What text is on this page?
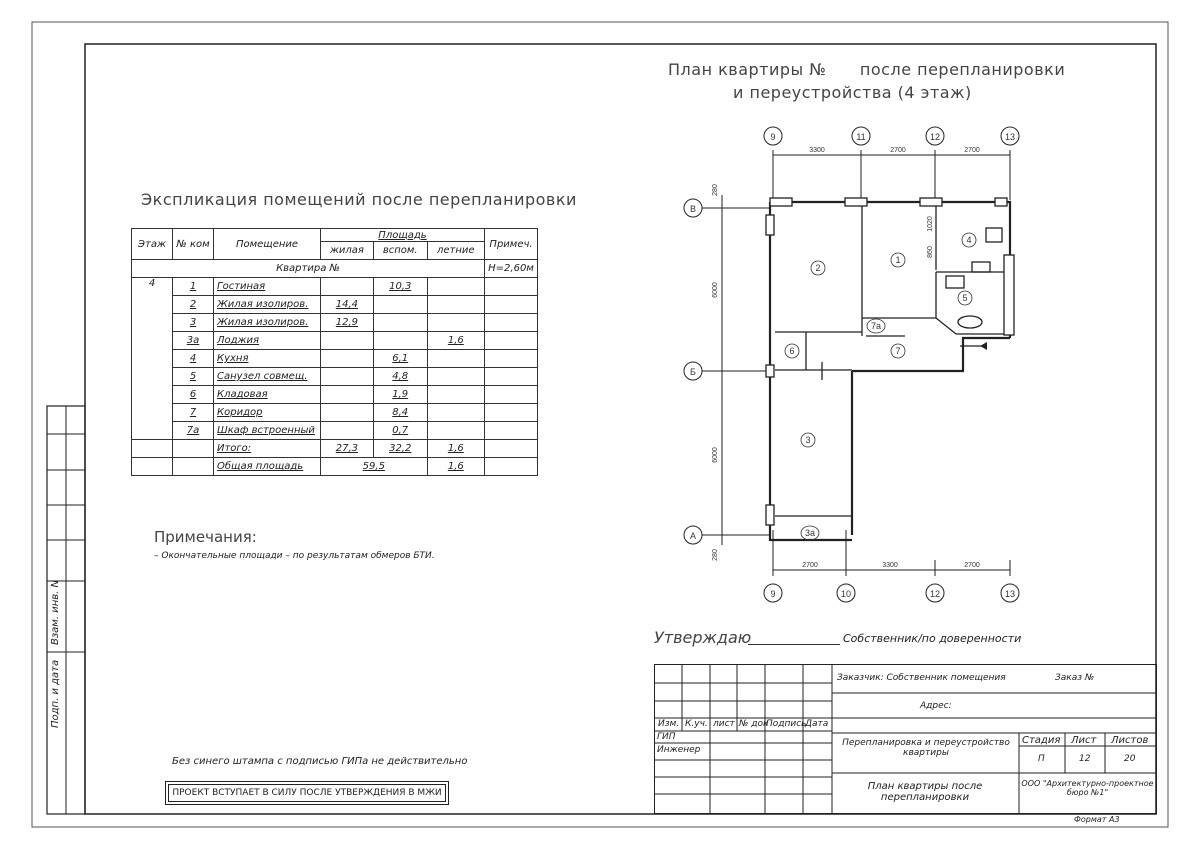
Подп. и дата
Взам. инв. N
Экспликация помещений после перепланировки
Этаж	№ ком	Помещение	Площадь			Примеч.
			жилая	вспом.	летние	
Квартира №						Н=2,60м
4	1	Гостиная		10,3		
	2	Жилая изолиров.	14,4			
	3	Жилая изолиров.	12,9			
	3а	Лоджия			1,6	
	4	Кухня		6,1		
	5	Санузел совмещ.		4,8		
	6	Кладовая		1,9		
	7	Коридор		8,4		
	7а	Шкаф встроенный		0,7		
		Итого:	27,3	32,2	1,6	
		Общая площадь	59,5		1,6	
Примечания:
– Окончательные площади – по результатам обмеров БТИ.
Без синего штампа с подписью ГИПа не действительно
ПРОЕКТ ВСТУПАЕТ В СИЛУ ПОСЛЕ УТВЕРЖДЕНИЯ В МЖИ
План квартиры №      после перепланировки
и переустройства (4 этаж)
9	11	12	13
3300	2700	2700
9	10	12	13
2700	3300	2700
В
Б
А
280
6000
6000
280
860
1020
1
2
3
3а
4
5
6	7
7а
Утверждаю	Собственник/по доверенности
Изм. К.уч. лист № док
Подпись
Дата
ГИП
Инженер
Заказчик: Собственник помещения	Заказ №
Адрес:
Перепланировка и переустройство квартиры
Стадия Лист Листов
П	12	20
План квартиры после перепланировки
ООО "Архитектурно-проектное бюро №1"
Формат А3
